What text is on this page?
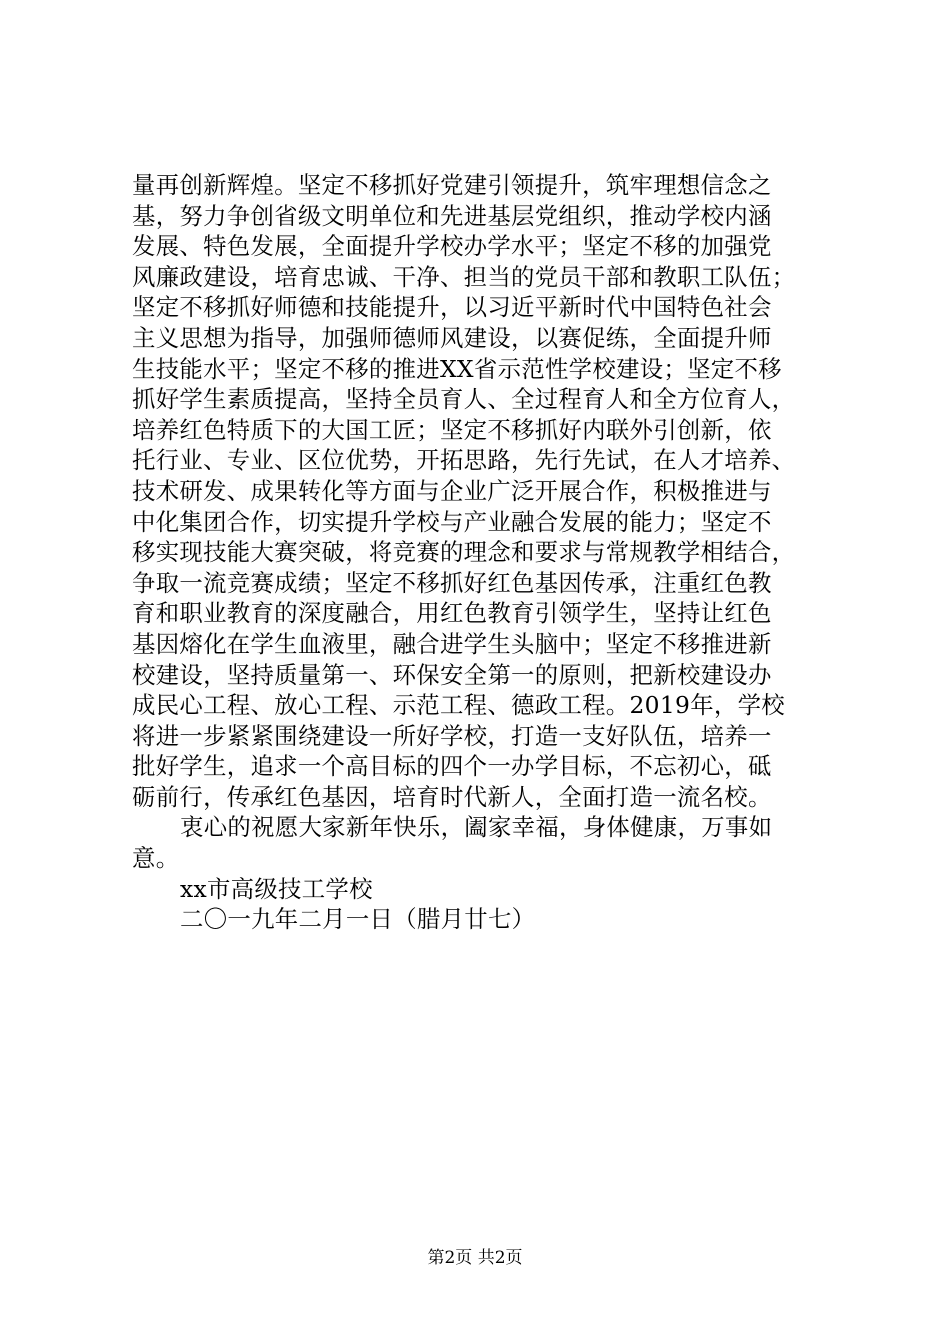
量再创新辉煌。坚定不移抓好党建引领提升，筑牢理想信念之
基，努力争创省级文明单位和先进基层党组织，推动学校内涵
发展、特色发展，全面提升学校办学水平；坚定不移的加强党
风廉政建设，培育忠诚、干净、担当的党员干部和教职工队伍；
坚定不移抓好师德和技能提升，以习近平新时代中国特色社会
主义思想为指导，加强师德师风建设，以赛促练，全面提升师
生技能水平；坚定不移的推进XX省示范性学校建设；坚定不移
抓好学生素质提高，坚持全员育人、全过程育人和全方位育人，
培养红色特质下的大国工匠；坚定不移抓好内联外引创新，依
托行业、专业、区位优势，开拓思路，先行先试，在人才培养、
技术研发、成果转化等方面与企业广泛开展合作，积极推进与
中化集团合作，切实提升学校与产业融合发展的能力；坚定不
移实现技能大赛突破，将竞赛的理念和要求与常规教学相结合，
争取一流竞赛成绩；坚定不移抓好红色基因传承，注重红色教
育和职业教育的深度融合，用红色教育引领学生，坚持让红色
基因熔化在学生血液里，融合进学生头脑中；坚定不移推进新
校建设，坚持质量第一、环保安全第一的原则，把新校建设办
成民心工程、放心工程、示范工程、德政工程。2019年，学校
将进一步紧紧围绕建设一所好学校，打造一支好队伍，培养一
批好学生，追求一个高目标的四个一办学目标，不忘初心，砥
砺前行，传承红色基因，培育时代新人，全面打造一流名校。
衷心的祝愿大家新年快乐，阖家幸福，身体健康，万事如
意。
xx市高级技工学校
二〇一九年二月一日（腊月廿七）
第2页 共2页
